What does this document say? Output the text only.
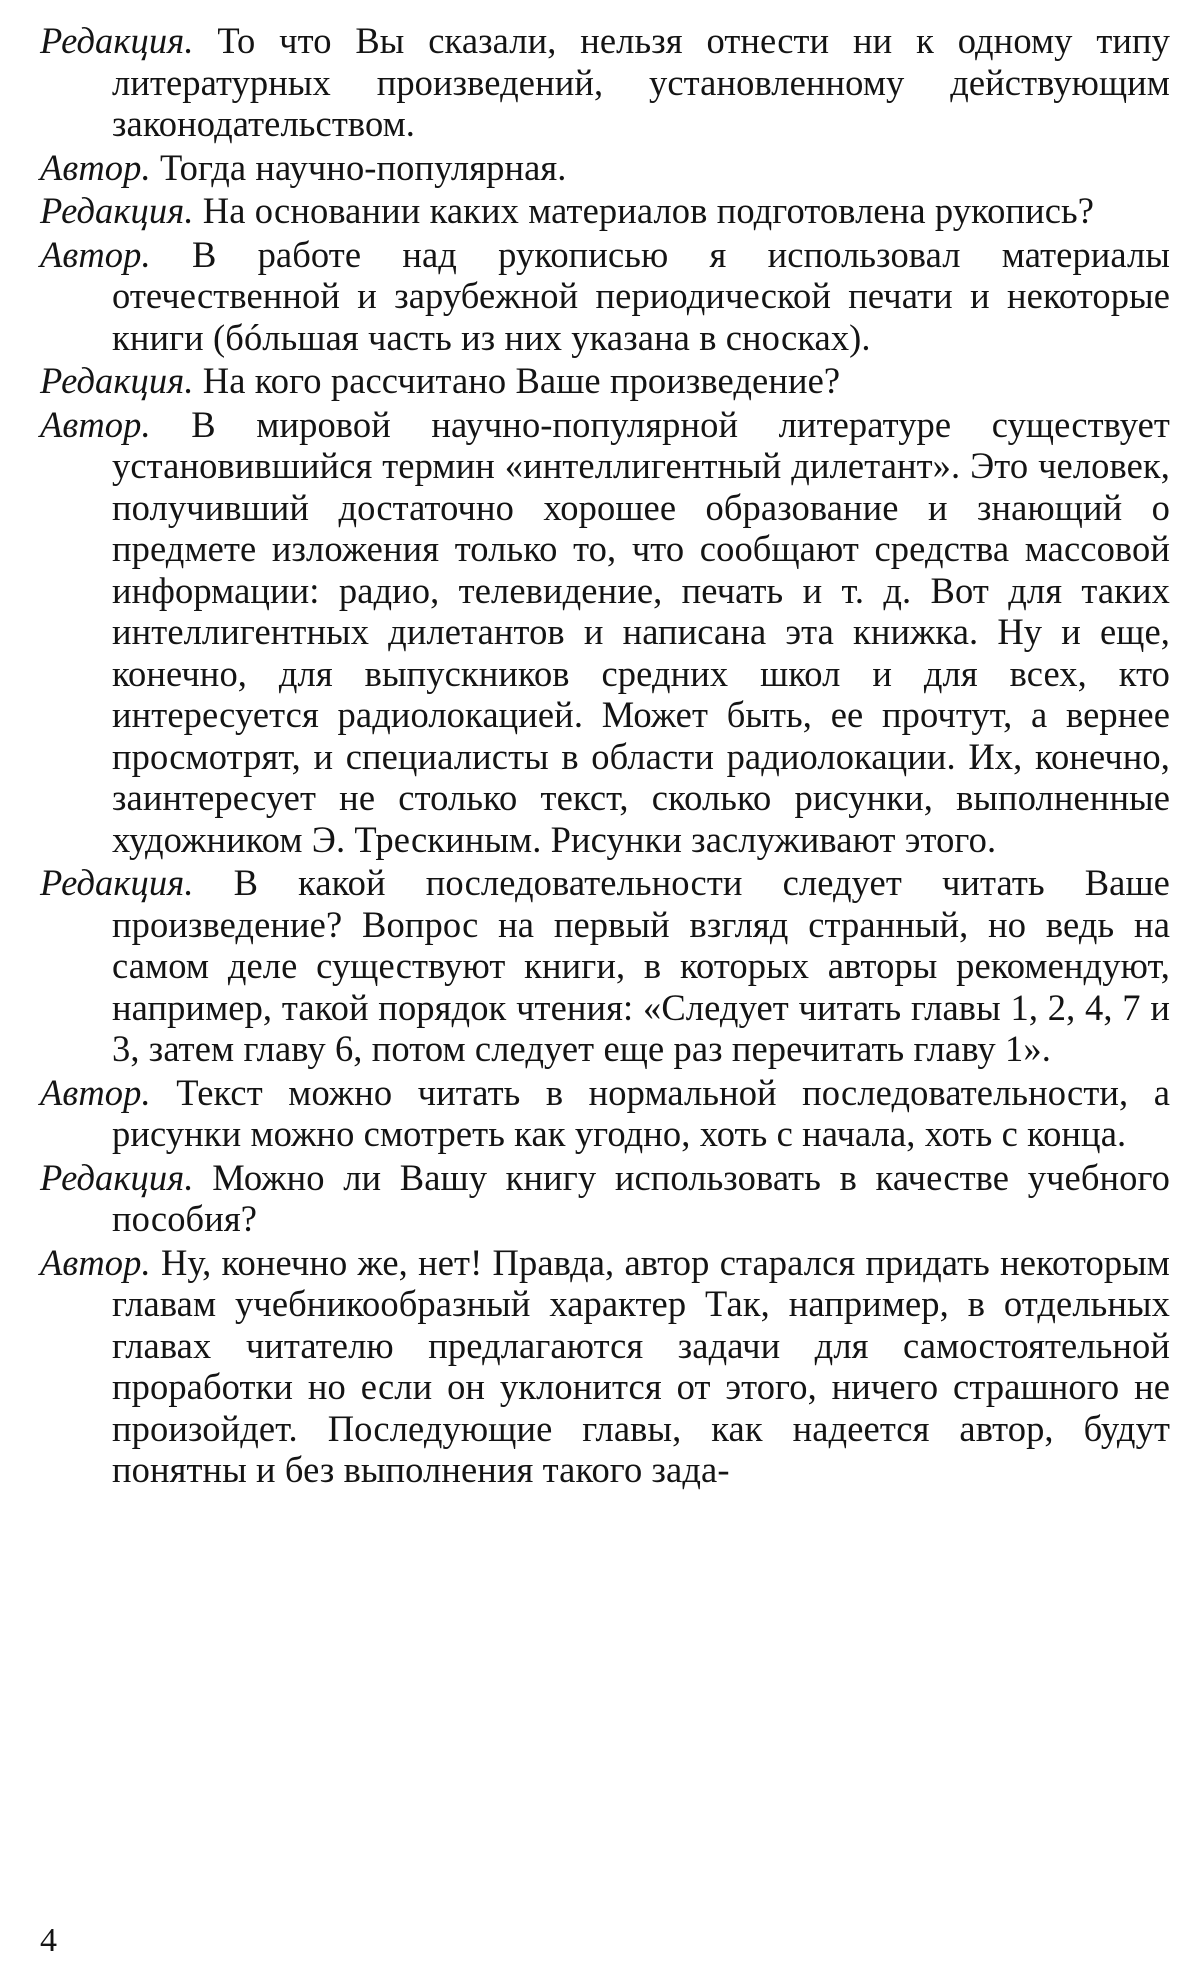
Редакция. То что Вы сказали, нельзя отнести ни к одному типу литературных произведений, установленному действующим законодательством.

Автор. Тогда научно-популярная.

Редакция. На основании каких материалов подготовлена рукопись?

Автор. В работе над рукописью я использовал материалы отечественной и зарубежной периодической печати и некоторые книги (бóльшая часть из них указана в сносках).

Редакция. На кого рассчитано Ваше произведение?

Автор. В мировой научно-популярной литературе существует установившийся термин «интеллигентный дилетант». Это человек, получивший достаточно хорошее образование и знающий о предмете изложения только то, что сообщают средства массовой информации: радио, телевидение, печать и т. д. Вот для таких интеллигентных дилетантов и написана эта книжка. Ну и еще, конечно, для выпускников средних школ и для всех, кто интересуется радиолокацией. Может быть, ее прочтут, а вернее просмотрят, и специалисты в области радиолокации. Их, конечно, заинтересует не столько текст, сколько рисунки, выполненные художником Э. Трескиным. Рисунки заслуживают этого.

Редакция. В какой последовательности следует читать Ваше произведение? Вопрос на первый взгляд странный, но ведь на самом деле существуют книги, в которых авторы рекомендуют, например, такой порядок чтения: «Следует читать главы 1, 2, 4, 7 и 3, затем главу 6, потом следует еще раз перечитать главу 1».

Автор. Текст можно читать в нормальной последовательности, а рисунки можно смотреть как угодно, хоть с начала, хоть с конца.

Редакция. Можно ли Вашу книгу использовать в качестве учебного пособия?

Автор. Ну, конечно же, нет! Правда, автор старался придать некоторым главам учебникообразный характер Так, например, в отдельных главах читателю предлагаются задачи для самостоятельной проработки но если он уклонится от этого, ничего страшного не произойдет. Последующие главы, как надеется автор, будут понятны и без выполнения такого зада-

4
